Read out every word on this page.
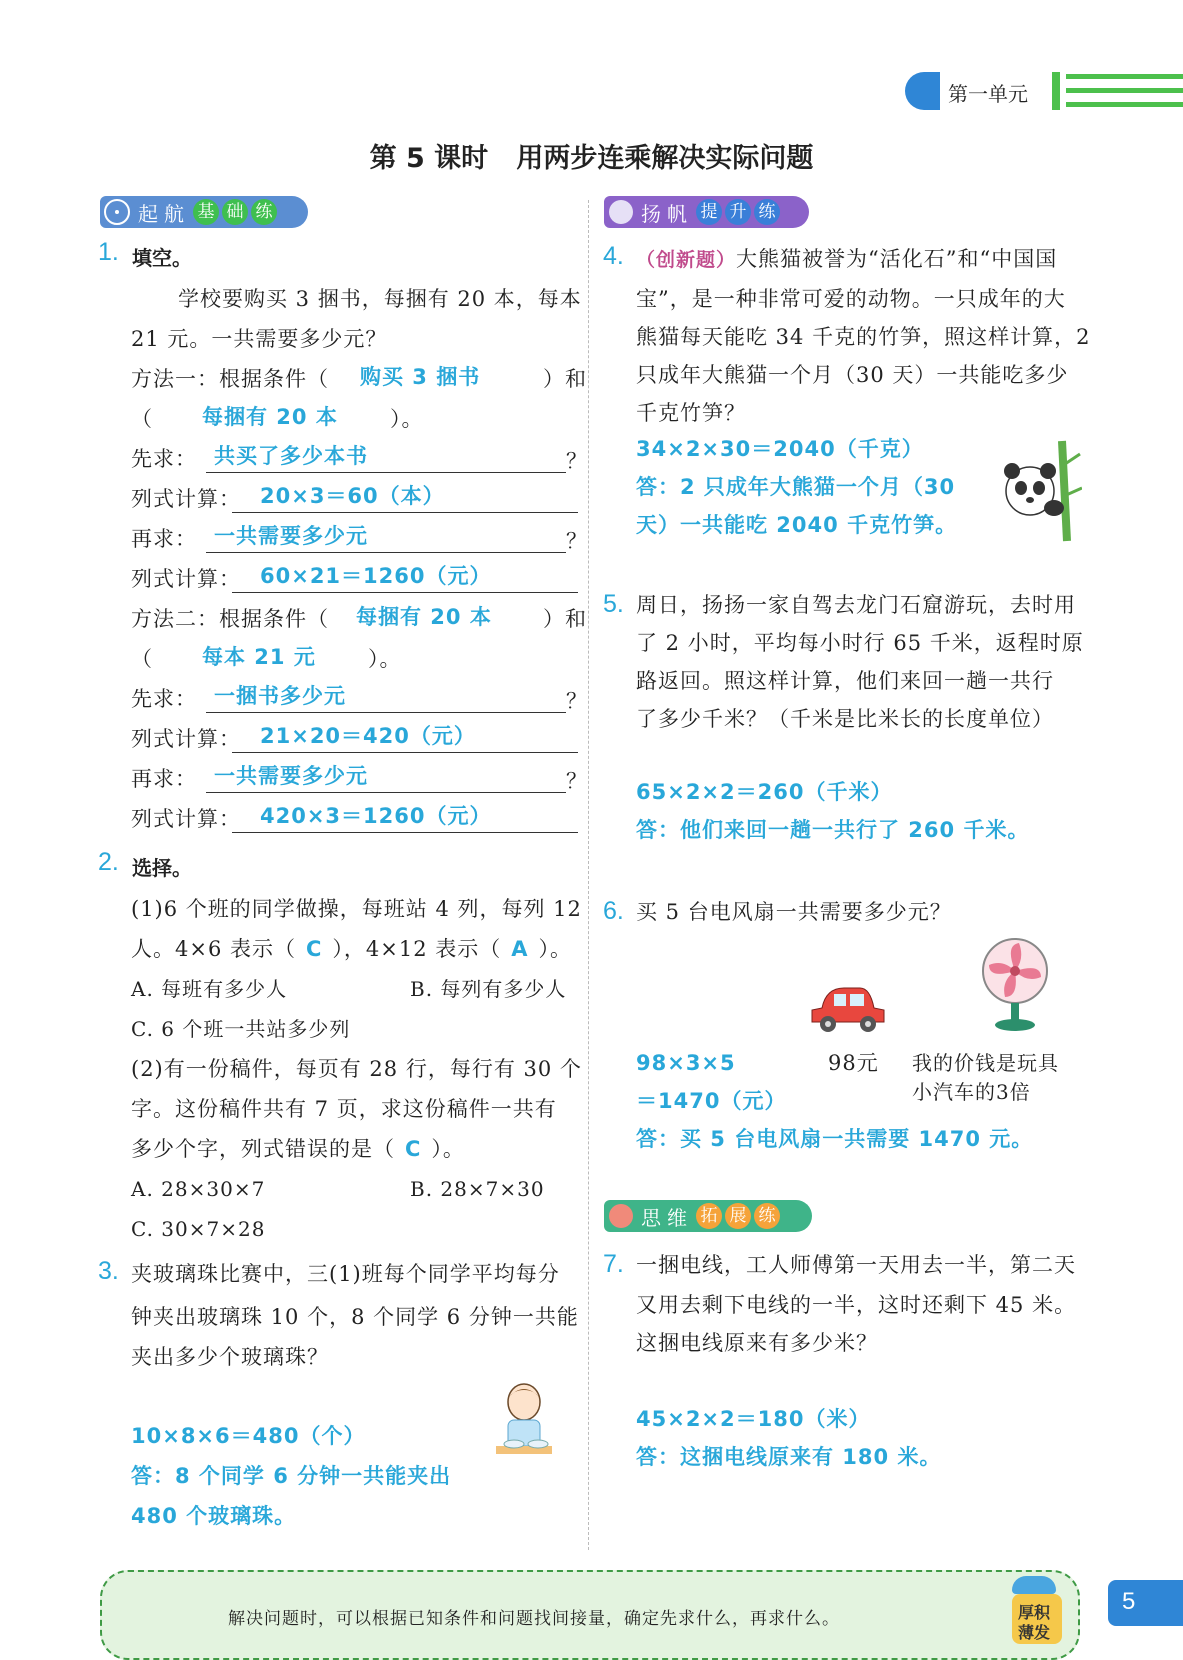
第一单元
第 5 课时   用两步连乘解决实际问题
起航 基 础 练	扬帆 提 升 练
1. 填空。
学校要购买 3 捆书，每捆有 20 本，每本
21 元。一共需要多少元？
方法一：根据条件（ 购买 3 捆书	）和
（ 每捆有 20 本 ）。
先求： 共买了多少本书	？
列式计算： 20×3＝60（本）
再求： 一共需要多少元	？
列式计算： 60×21＝1260（元）
方法二：根据条件（ 每捆有 20 本 ）和
（ 每本 21 元 ）。
先求： 一捆书多少元	？
列式计算： 21×20＝420（元）
再求： 一共需要多少元	？
列式计算： 420×3＝1260（元）
2. 选择。
(1)6 个班的同学做操，每班站 4 列，每列 12
人。4×6 表示（ C ），4×12 表示（ A ）。
A. 每班有多少人	B. 每列有多少人
C. 6 个班一共站多少列
(2)有一份稿件，每页有 28 行，每行有 30 个
字。这份稿件共有 7 页，求这份稿件一共有
多少个字，列式错误的是（ C ）。
A. 28×30×7	B. 28×7×30
C. 30×7×28
3. 夹玻璃珠比赛中，三(1)班每个同学平均每分
钟夹出玻璃珠 10 个，8 个同学 6 分钟一共能
夹出多少个玻璃珠？
10×8×6＝480（个）
答：8 个同学 6 分钟一共能夹出
480 个玻璃珠。
4. （创新题）大熊猫被誉为“活化石”和“中国国
宝”，是一种非常可爱的动物。一只成年的大
熊猫每天能吃 34 千克的竹笋，照这样计算，2
只成年大熊猫一个月（30 天）一共能吃多少
千克竹笋？
34×2×30＝2040（千克）
答：2 只成年大熊猫一个月（30
天）一共能吃 2040 千克竹笋。
5. 周日，扬扬一家自驾去龙门石窟游玩，去时用
了 2 小时，平均每小时行 65 千米，返程时原
路返回。照这样计算，他们来回一趟一共行
了多少千米？（千米是比米长的长度单位）
65×2×2＝260（千米）
答：他们来回一趟一共行了 260 千米。
6. 买 5 台电风扇一共需要多少元？
98元 我的价钱是玩具
小汽车的3倍
98×3×5
＝1470（元）
答：买 5 台电风扇一共需要 1470 元。
思维 拓 展 练
7. 一捆电线，工人师傅第一天用去一半，第二天
又用去剩下电线的一半，这时还剩下 45 米。
这捆电线原来有多少米？
45×2×2＝180（米）
答：这捆电线原来有 180 米。
解决问题时，可以根据已知条件和问题找间接量，确定先求什么，再求什么。	厚积
薄发
5
